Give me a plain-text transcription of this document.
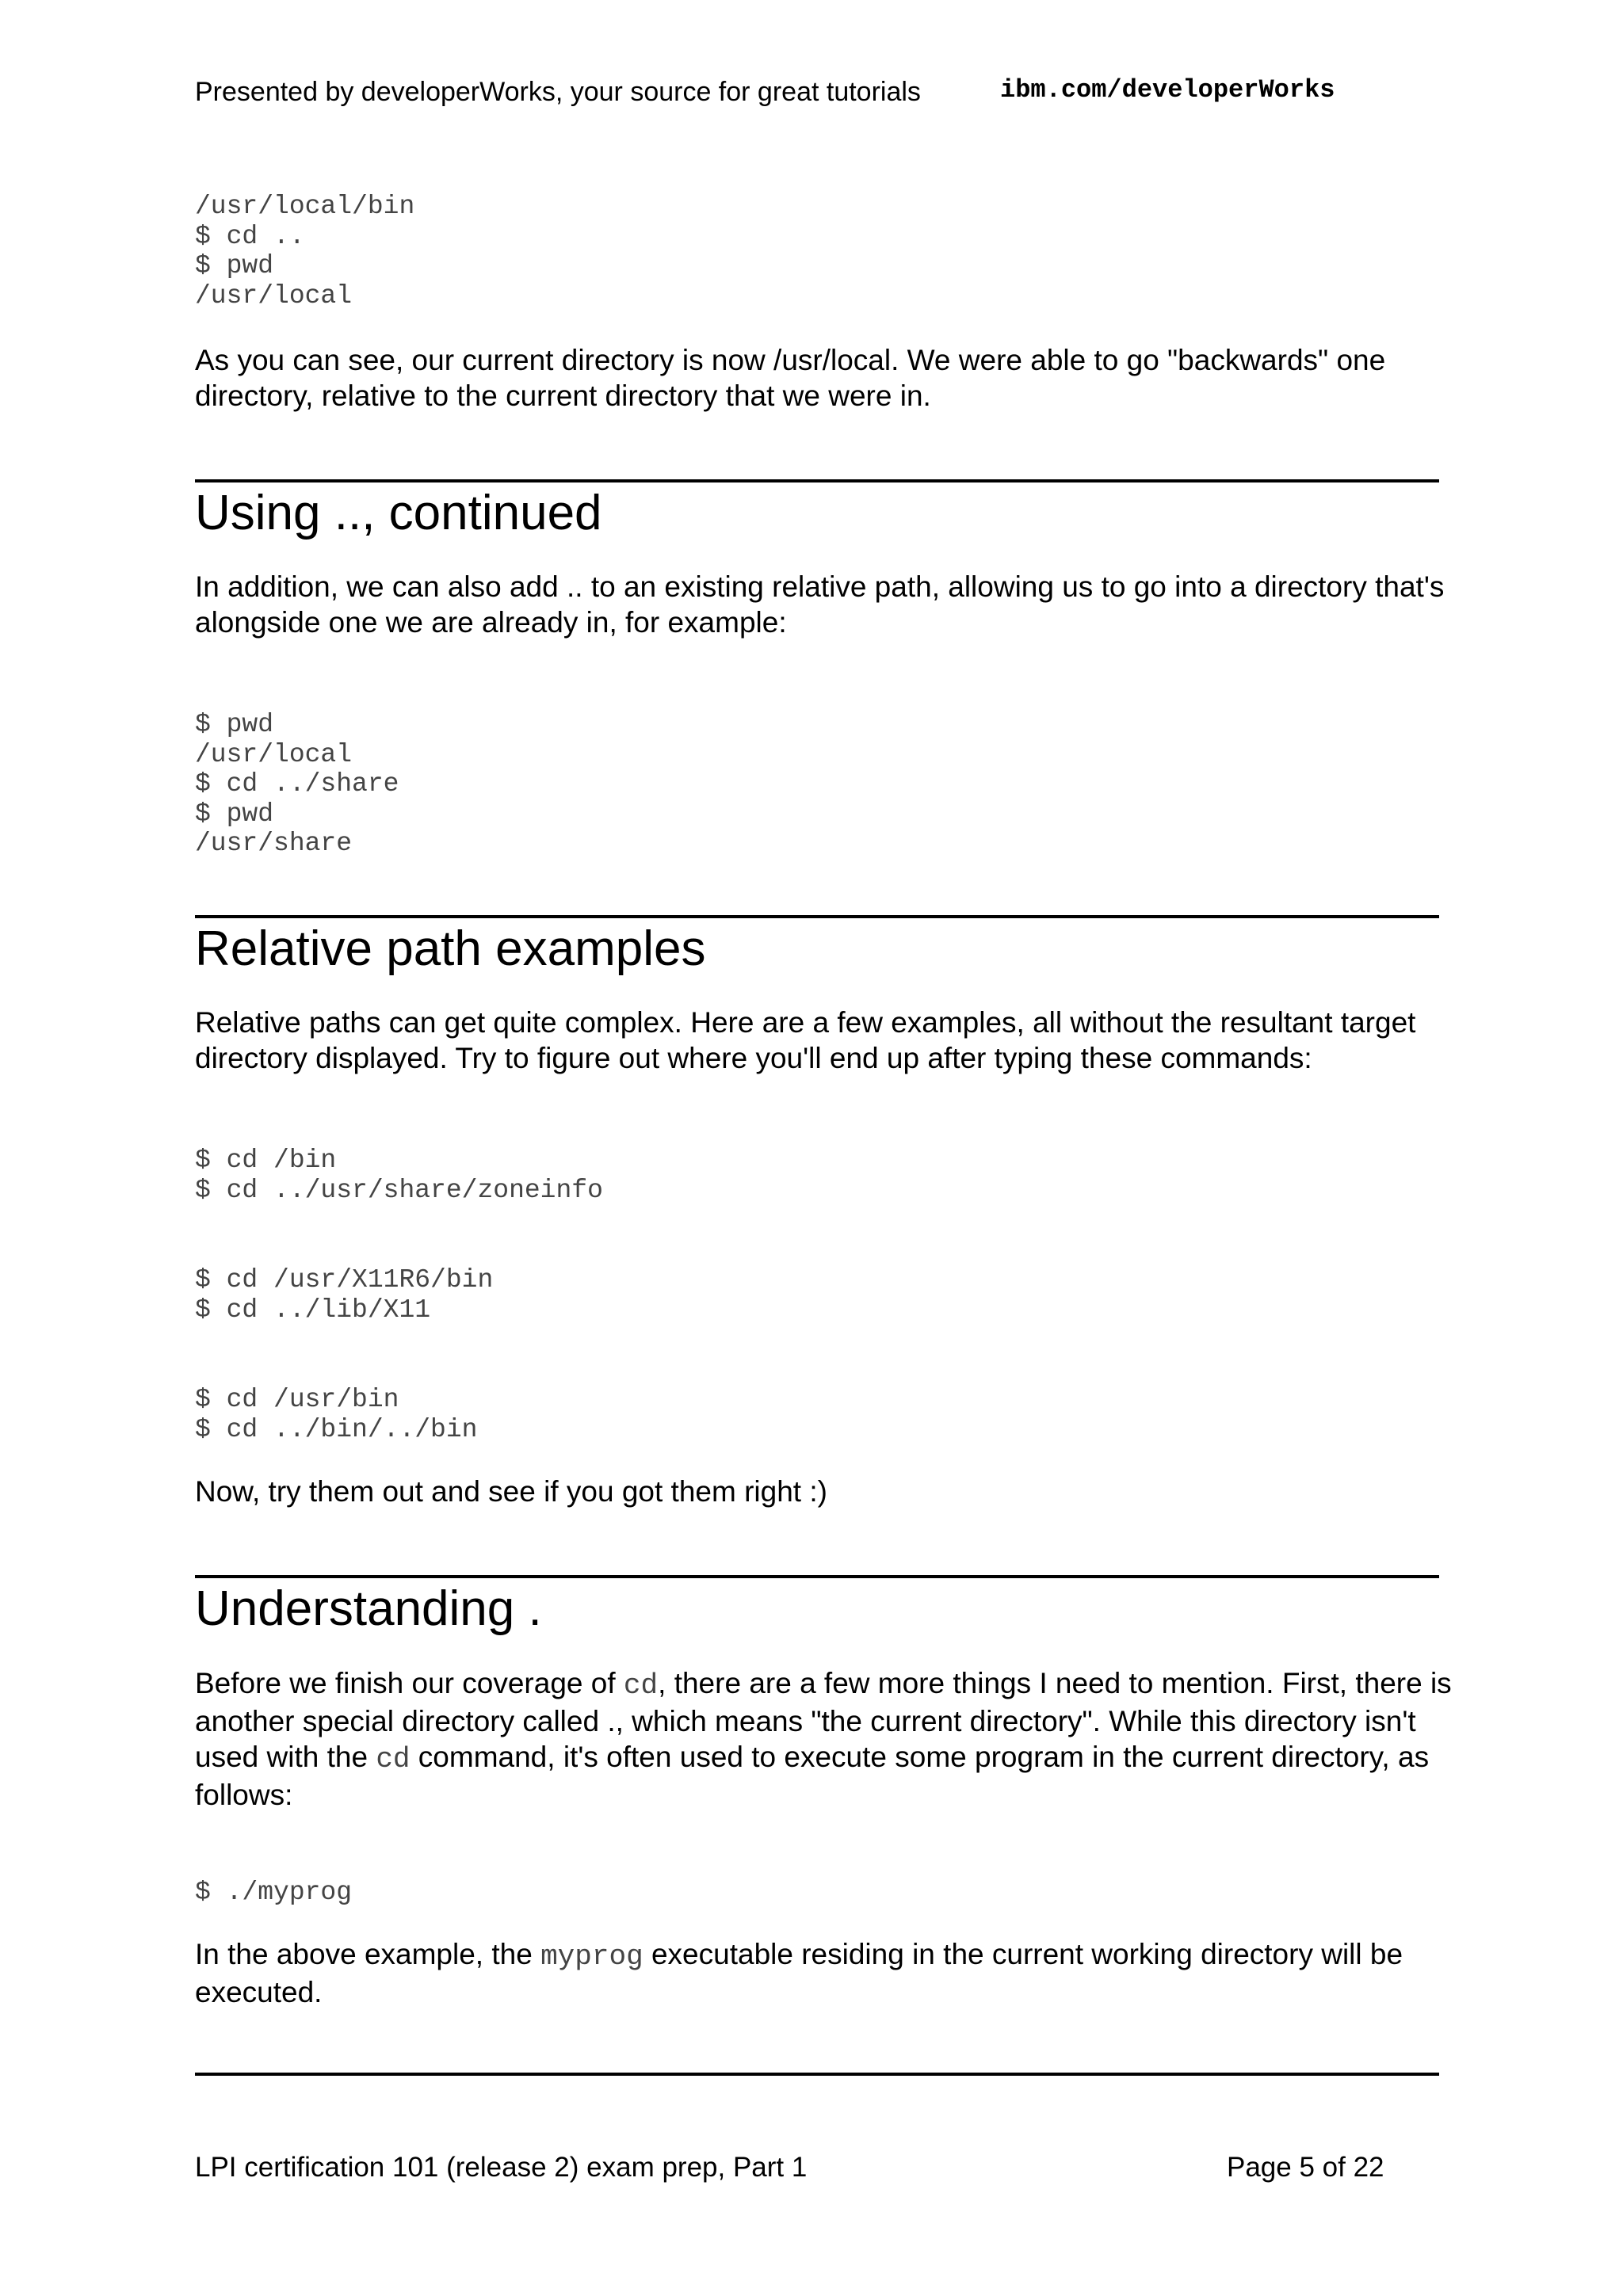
Presented by developerWorks, your source for great tutorials	ibm.com/developerWorks
/usr/local/bin
$ cd ..
$ pwd
/usr/local

As you can see, our current directory is now /usr/local. We were able to go "backwards" one directory, relative to the current directory that we were in.

Using .., continued

In addition, we can also add .. to an existing relative path, allowing us to go into a directory that's alongside one we are already in, for example:

$ pwd
/usr/local
$ cd ../share
$ pwd
/usr/share
Relative path examples

Relative paths can get quite complex. Here are a few examples, all without the resultant target directory displayed. Try to figure out where you'll end up after typing these commands:

$ cd /bin
$ cd ../usr/share/zoneinfo
$ cd /usr/X11R6/bin
$ cd ../lib/X11
$ cd /usr/bin
$ cd ../bin/../bin

Now, try them out and see if you got them right :)

Understanding .

Before we finish our coverage of cd, there are a few more things I need to mention. First, there is another special directory called ., which means "the current directory". While this directory isn't used with the cd command, it's often used to execute some program in the current directory, as follows:

$ ./myprog

In the above example, the myprog executable residing in the current working directory will be executed.

LPI certification 101 (release 2) exam prep, Part 1	Page 5 of 22
